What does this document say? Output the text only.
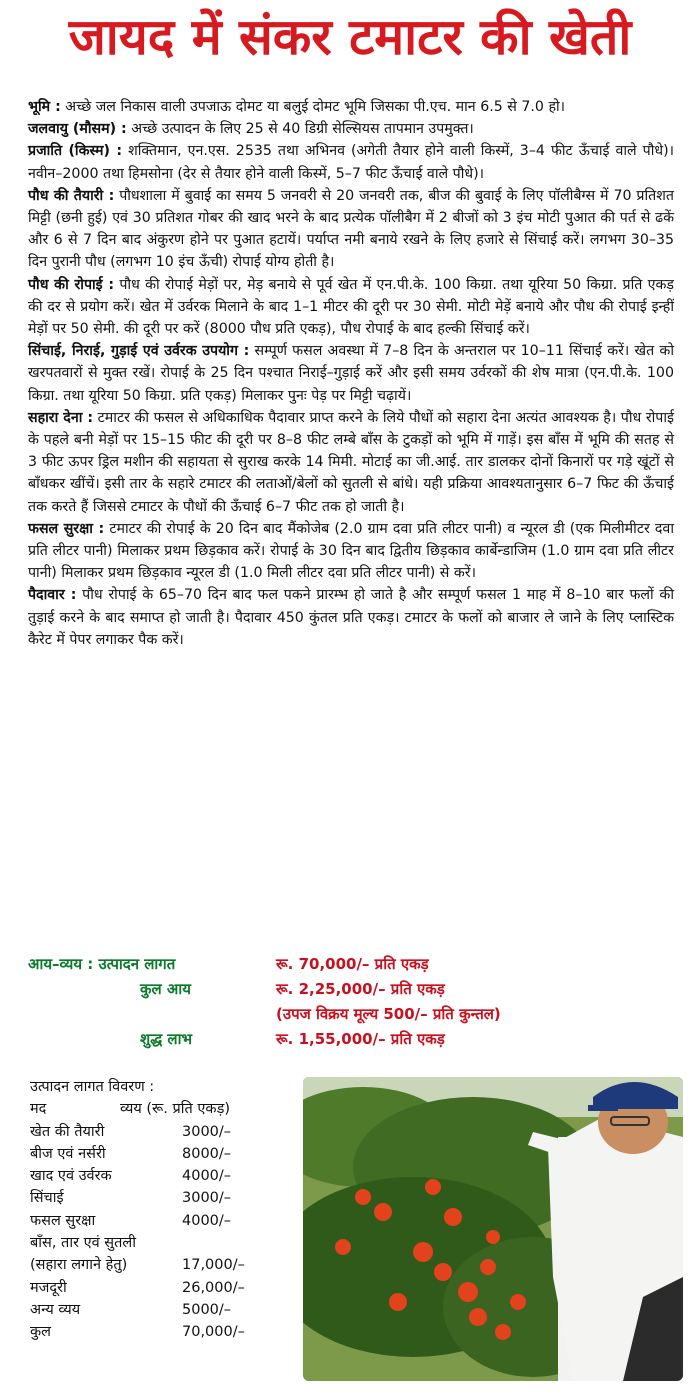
जायद में संकर टमाटर की खेती

भूमि : अच्छे जल निकास वाली उपजाऊ दोमट या बलुई दोमट भूमि जिसका पी.एच. मान 6.5 से 7.0 हो।

जलवायु (मौसम) : अच्छे उत्पादन के लिए 25 से 40 डिग्री सेल्सियस तापमान उपमुक्त।

प्रजाति (किस्म) : शक्तिमान, एन.एस. 2535 तथा अभिनव (अगेती तैयार होने वाली किस्में, 3–4 फीट ऊँचाई वाले पौधे)। नवीन–2000 तथा हिमसोना (देर से तैयार होने वाली किस्में, 5–7 फीट ऊँचाई वाले पौधे)।

पौध की तैयारी : पौधशाला में बुवाई का समय 5 जनवरी से 20 जनवरी तक, बीज की बुवाई के लिए पॉलीबैग्स में 70 प्रतिशत मिट्टी (छनी हुई) एवं 30 प्रतिशत गोबर की खाद भरने के बाद प्रत्येक पॉलीबैग में 2 बीजों को 3 इंच मोटी पुआत की पर्त से ढकें और 6 से 7 दिन बाद अंकुरण होने पर पुआत हटायें। पर्याप्त नमी बनाये रखने के लिए हजारे से सिंचाई करें। लगभग 30–35 दिन पुरानी पौध (लगभग 10 इंच ऊँची) रोपाई योग्य होती है।

पौध की रोपाई : पौध की रोपाई मेड़ों पर, मेड़ बनाये से पूर्व खेत में एन.पी.के. 100 किग्रा. तथा यूरिया 50 किग्रा. प्रति एकड़ की दर से प्रयोग करें। खेत में उर्वरक मिलाने के बाद 1–1 मीटर की दूरी पर 30 सेमी. मोटी मेड़ें बनाये और पौध की रोपाई इन्हीं मेड़ों पर 50 सेमी. की दूरी पर करें (8000 पौध प्रति एकड़), पौध रोपाई के बाद हल्की सिंचाई करें।

सिंचाई, निराई, गुड़ाई एवं उर्वरक उपयोग : सम्पूर्ण फसल अवस्था में 7–8 दिन के अन्तराल पर 10–11 सिंचाई करें। खेत को खरपतवारों से मुक्त रखें। रोपाई के 25 दिन पश्चात निराई–गुड़ाई करें और इसी समय उर्वरकों की शेष मात्रा (एन.पी.के. 100 किग्रा. तथा यूरिया 50 किग्रा. प्रति एकड़) मिलाकर पुनः पेड़ पर मिट्टी चढ़ायें।

सहारा देना : टमाटर की फसल से अधिकाधिक पैदावार प्राप्त करने के लिये पौधों को सहारा देना अत्यंत आवश्यक है। पौध रोपाई के पहले बनी मेड़ों पर 15–15 फीट की दूरी पर 8–8 फीट लम्बे बाँस के टुकड़ों को भूमि में गाड़ें। इस बाँस में भूमि की सतह से 3 फीट ऊपर ड्रिल मशीन की सहायता से सुराख करके 14 मिमी. मोटाई का जी.आई. तार डालकर दोनों किनारों पर गड़े खूंटों से बाँधकर खींचें। इसी तार के सहारे टमाटर की लताओं/बेलों को सुतली से बांधे। यही प्रक्रिया आवश्यतानुसार 6–7 फिट की ऊँचाई तक करते हैं जिससे टमाटर के पौधों की ऊँचाई 6–7 फीट तक हो जाती है।

फसल सुरक्षा : टमाटर की रोपाई के 20 दिन बाद मैंकोजेब (2.0 ग्राम दवा प्रति लीटर पानी) व न्यूरल डी (एक मिलीमीटर दवा प्रति लीटर पानी) मिलाकर प्रथम छिड़काव करें। रोपाई के 30 दिन बाद द्वितीय छिड़काव कार्बेन्डाजिम (1.0 ग्राम दवा प्रति लीटर पानी) मिलाकर प्रथम छिड़काव न्यूरल डी (1.0 मिली लीटर दवा प्रति लीटर पानी) से करें।

पैदावार : पौध रोपाई के 65–70 दिन बाद फल पकने प्रारम्भ हो जाते है और सम्पूर्ण फसल 1 माह में 8–10 बार फलों की तुड़ाई करने के बाद समाप्त हो जाती है। पैदावार 450 कुंतल प्रति एकड़। टमाटर के फलों को बाजार ले जाने के लिए प्लास्टिक कैरेट में पेपर लगाकर पैक करें।

आय–व्यय : उत्पादन लागत	रू. 70,000/– प्रति एकड़
कुल आय	रू. 2,25,000/– प्रति एकड़
(उपज विक्रय मूल्य 500/– प्रति कुन्तल)
शुद्ध लाभ	रू. 1,55,000/– प्रति एकड़
उत्पादन लागत विवरण :
मद	व्यय (रू. प्रति एकड़)
खेत की तैयारी	3000/–
बीज एवं नर्सरी	8000/–
खाद एवं उर्वरक	4000/–
सिंचाई	3000/–
फसल सुरक्षा	4000/–
बाँस, तार एवं सुतली
(सहारा लगाने हेतु)	17,000/–
मजदूरी	26,000/–
अन्य व्यय	5000/–
कुल	70,000/–
